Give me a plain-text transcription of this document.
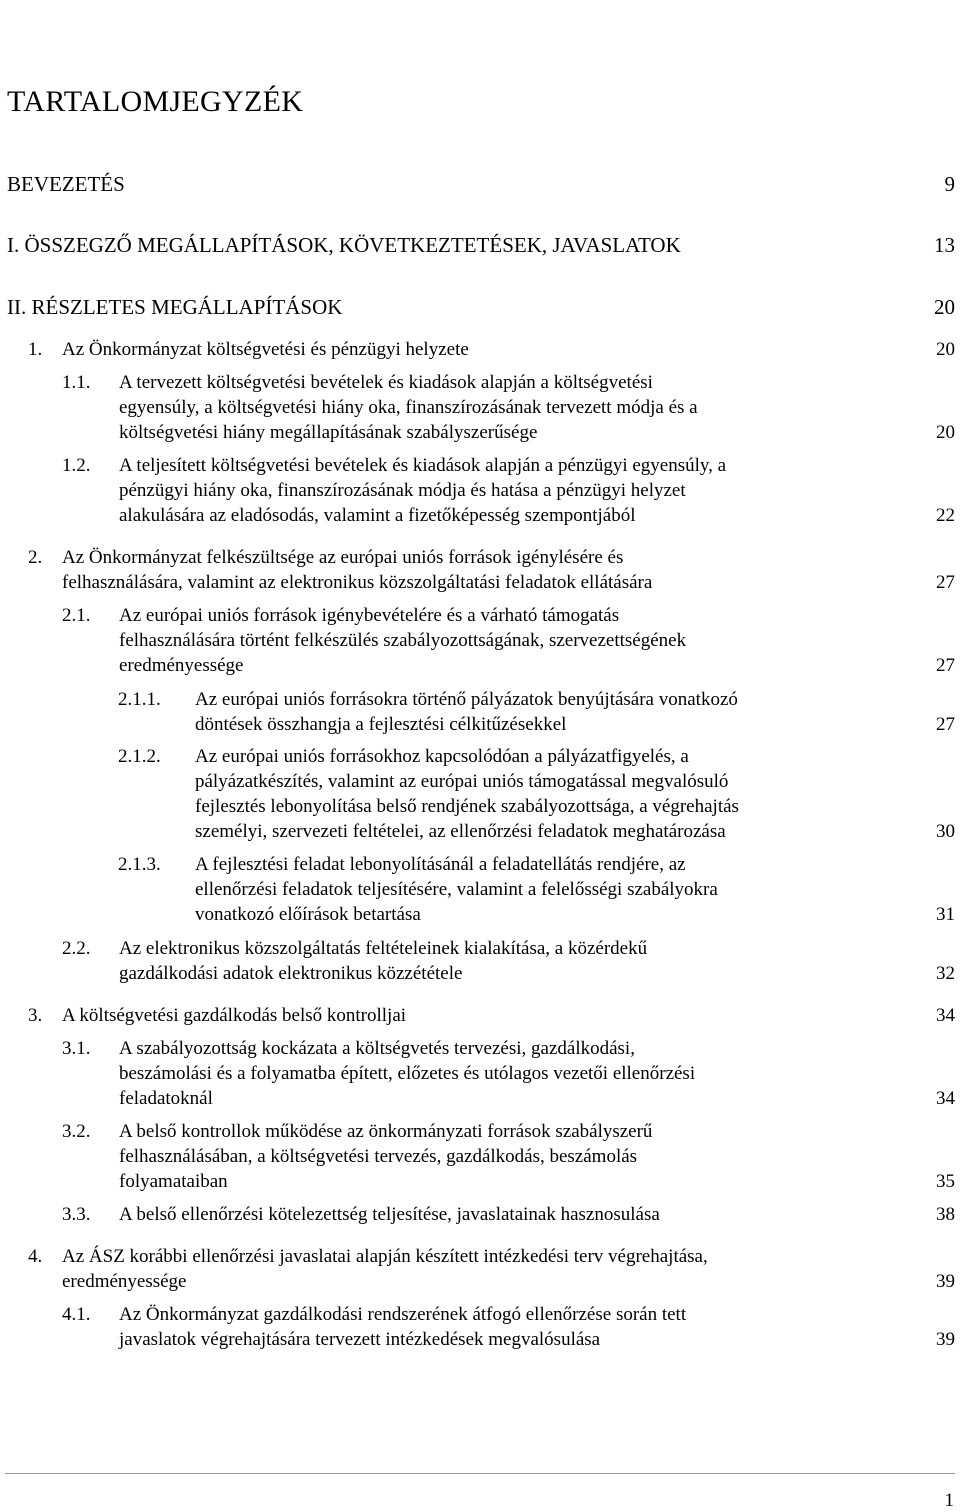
TARTALOMJEGYZÉK
BEVEZETÉS	9
I. ÖSSZEGZŐ MEGÁLLAPÍTÁSOK, KÖVETKEZTETÉSEK, JAVASLATOK	13
II. RÉSZLETES MEGÁLLAPÍTÁSOK	20
1.	Az Önkormányzat költségvetési és pénzügyi helyzete	20
1.1.	A tervezett költségvetési bevételek és kiadások alapján a költségvetési
egyensúly, a költségvetési hiány oka, finanszírozásának tervezett módja és a
költségvetési hiány megállapításának szabályszerűsége	20
1.2.	A teljesített költségvetési bevételek és kiadások alapján a pénzügyi egyensúly, a
pénzügyi hiány oka, finanszírozásának módja és hatása a pénzügyi helyzet
alakulására az eladósodás, valamint a fizetőképesség szempontjából	22
2.	Az Önkormányzat felkészültsége az európai uniós források igénylésére és
felhasználására, valamint az elektronikus közszolgáltatási feladatok ellátására	27
2.1.	Az európai uniós források igénybevételére és a várható támogatás
felhasználására történt felkészülés szabályozottságának, szervezettségének
eredményessége	27
2.1.1.	Az európai uniós forrásokra történő pályázatok benyújtására vonatkozó
döntések összhangja a fejlesztési célkitűzésekkel	27
2.1.2.	Az európai uniós forrásokhoz kapcsolódóan a pályázatfigyelés, a
pályázatkészítés, valamint az európai uniós támogatással megvalósuló
fejlesztés lebonyolítása belső rendjének szabályozottsága, a végrehajtás
személyi, szervezeti feltételei, az ellenőrzési feladatok meghatározása	30
2.1.3.	A fejlesztési feladat lebonyolításánál a feladatellátás rendjére, az
ellenőrzési feladatok teljesítésére, valamint a felelősségi szabályokra
vonatkozó előírások betartása	31
2.2.	Az elektronikus közszolgáltatás feltételeinek kialakítása, a közérdekű
gazdálkodási adatok elektronikus közzététele	32
3.	A költségvetési gazdálkodás belső kontrolljai	34
3.1.	A szabályozottság kockázata a költségvetés tervezési, gazdálkodási,
beszámolási és a folyamatba épített, előzetes és utólagos vezetői ellenőrzési
feladatoknál	34
3.2.	A belső kontrollok működése az önkormányzati források szabályszerű
felhasználásában, a költségvetési tervezés, gazdálkodás, beszámolás
folyamataiban	35
3.3.	A belső ellenőrzési kötelezettség teljesítése, javaslatainak hasznosulása	38
4.	Az ÁSZ korábbi ellenőrzési javaslatai alapján készített intézkedési terv végrehajtása,
eredményessége	39
4.1.	Az Önkormányzat gazdálkodási rendszerének átfogó ellenőrzése során tett
javaslatok végrehajtására tervezett intézkedések megvalósulása	39
1
